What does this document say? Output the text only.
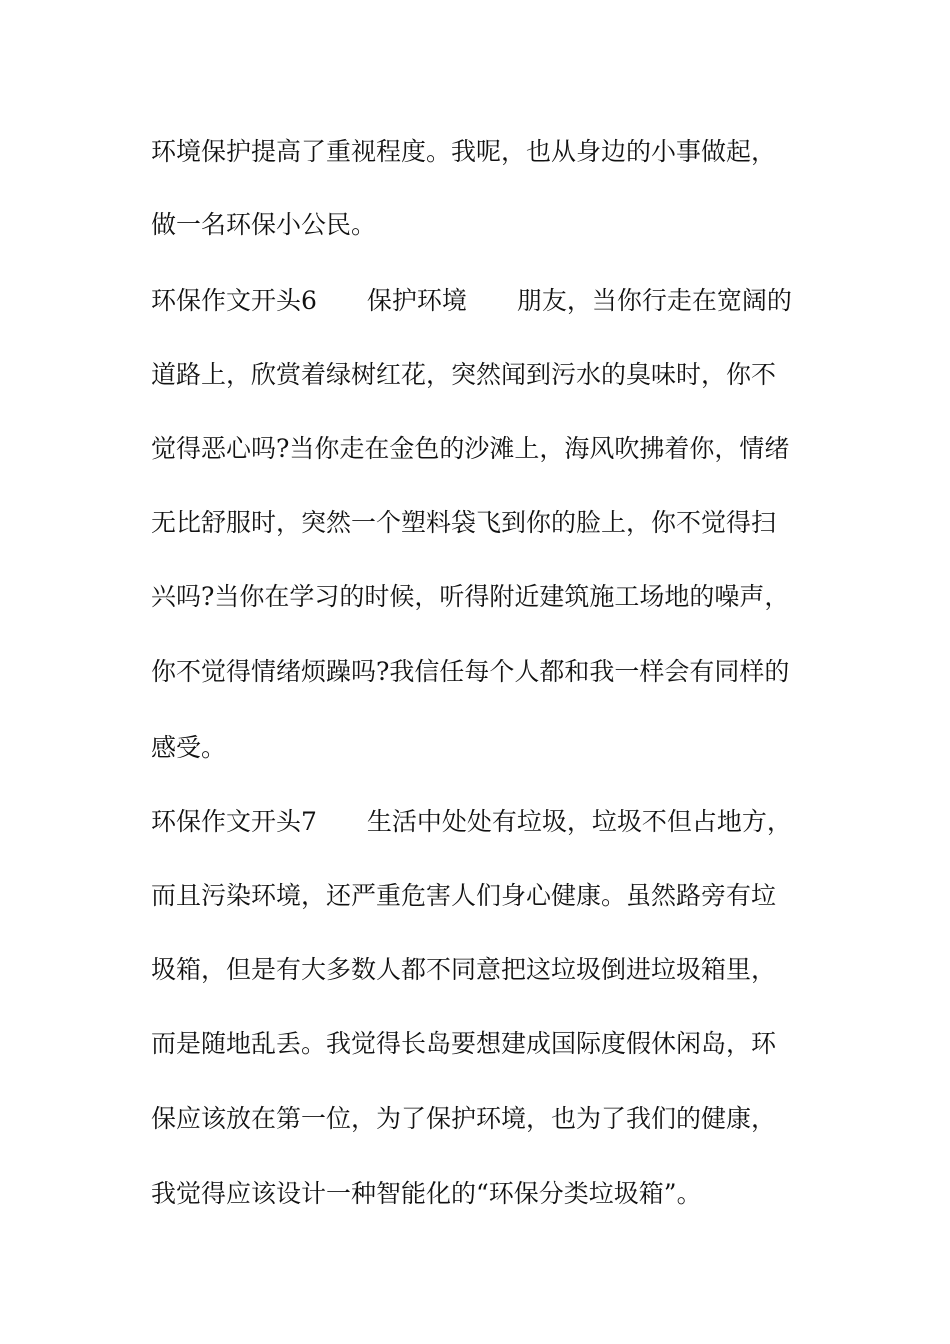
环境保护提高了重视程度。我呢，也从身边的小事做起，
做一名环保小公民。
环保作文开头6　　保护环境　　朋友，当你行走在宽阔的
道路上，欣赏着绿树红花，突然闻到污水的臭味时，你不
觉得恶心吗?当你走在金色的沙滩上，海风吹拂着你，情绪
无比舒服时，突然一个塑料袋飞到你的脸上，你不觉得扫
兴吗?当你在学习的时候，听得附近建筑施工场地的噪声，
你不觉得情绪烦躁吗?我信任每个人都和我一样会有同样的
感受。
环保作文开头7　　生活中处处有垃圾，垃圾不但占地方，
而且污染环境，还严重危害人们身心健康。虽然路旁有垃
圾箱，但是有大多数人都不同意把这垃圾倒进垃圾箱里，
而是随地乱丢。我觉得长岛要想建成国际度假休闲岛，环
保应该放在第一位，为了保护环境，也为了我们的健康，
我觉得应该设计一种智能化的“环保分类垃圾箱”。
